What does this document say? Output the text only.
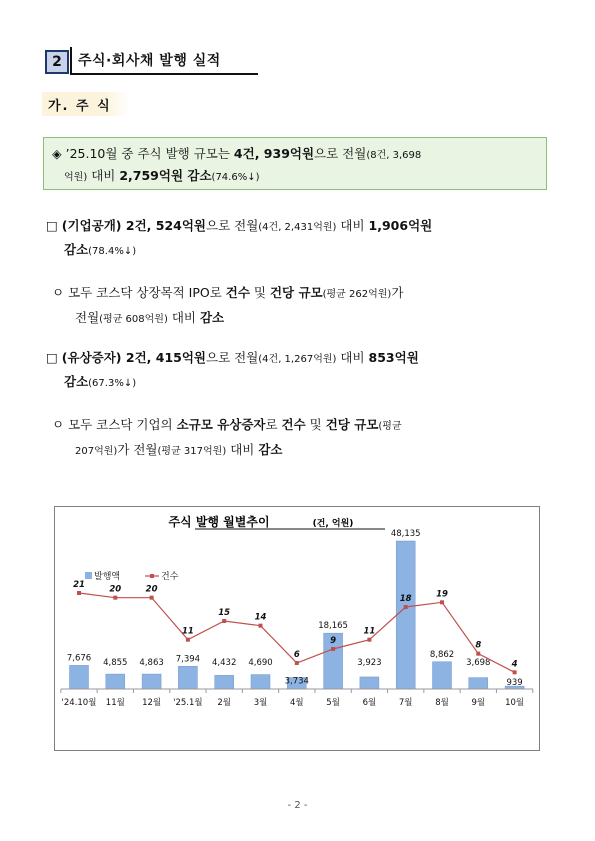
2	주식·회사채 발행 실적
가. 주 식
◈ ’25.10월 중 주식 발행 규모는 4건, 939억원으로 전월(8건, 3,698
억원) 대비 2,759억원 감소(74.6%↓)
□ (기업공개) 2건, 524억원으로 전월(4건, 2,431억원) 대비 1,906억원
감소(78.4%↓)
ㅇ 모두 코스닥 상장목적 IPO로 건수 및 건당 규모(평균 262억원)가
전월(평균 608억원) 대비 감소
□ (유상증자) 2건, 415억원으로 전월(4건, 1,267억원) 대비 853억원
감소(67.3%↓)
ㅇ 모두 코스닥 기업의 소규모 유상증자로 건수 및 건당 규모(평균
207억원)가 전월(평균 317억원) 대비 감소
주식 발행 월별추이	(건, 억원)
발행액	건수
7,676 4,855 4,863 7,394 4,432 4,690
3,734
18,165
3,923
48,135
8,862
3,698
939
21	20	20
11
15	14
6
9
11
18	19
8
4
'24.10월 11월 12월 '25.1월 2월	3월	4월	5월	6월	7월	8월	9월 10월
- 2 -
